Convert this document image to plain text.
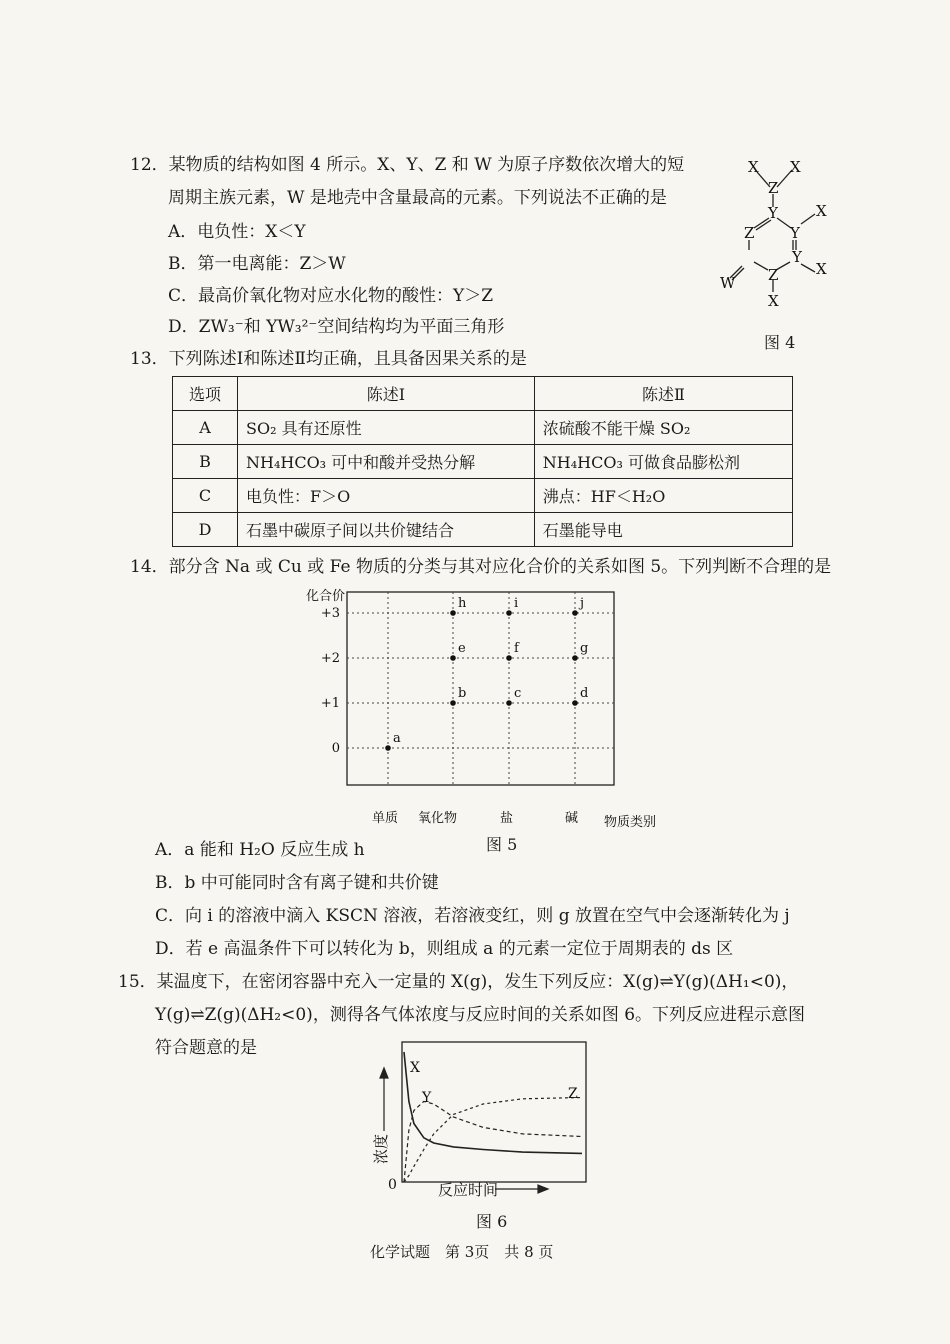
12．某物质的结构如图 4 所示。X、Y、Z 和 W 为原子序数依次增大的短
周期主族元素，W 是地壳中含量最高的元素。下列说法不正确的是
A．电负性：X＜Y
B．第一电离能：Z＞W
C．最高价氧化物对应水化物的酸性：Y＞Z
D．ZW₃⁻和 YW₃²⁻空间结构均为平面三角形
X X
Z
Y	X
Y
Z
Y
X
Z
X
W
图 4
13．下列陈述Ⅰ和陈述Ⅱ均正确，且具备因果关系的是
选项	陈述Ⅰ	陈述Ⅱ
A	SO₂ 具有还原性	浓硫酸不能干燥 SO₂
B	NH₄HCO₃ 可中和酸并受热分解	NH₄HCO₃ 可做食品膨松剂
C	电负性：F＞O	沸点：HF＜H₂O
D	石墨中碳原子间以共价键结合	石墨能导电
14．部分含 Na 或 Cu 或 Fe 物质的分类与其对应化合价的关系如图 5。下列判断不合理的是
0
+1
+2
+3
单质 氧化物	盐	碱
a
b	c	d
e	f	g
h	i	j
化合价
物质类别
图 5
A．a 能和 H₂O 反应生成 h
B．b 中可能同时含有离子键和共价键
C．向 i 的溶液中滴入 KSCN 溶液，若溶液变红，则 g 放置在空气中会逐渐转化为 j
D．若 e 高温条件下可以转化为 b，则组成 a 的元素一定位于周期表的 ds 区
15．某温度下，在密闭容器中充入一定量的 X(g)，发生下列反应：X(g)⇌Y(g)(ΔH₁<0)，
Y(g)⇌Z(g)(ΔH₂<0)，测得各气体浓度与反应时间的关系如图 6。下列反应进程示意图
符合题意的是
X
Y	Z
0
浓度
反应时间
图 6
化学试题　第 3页　共 8 页
